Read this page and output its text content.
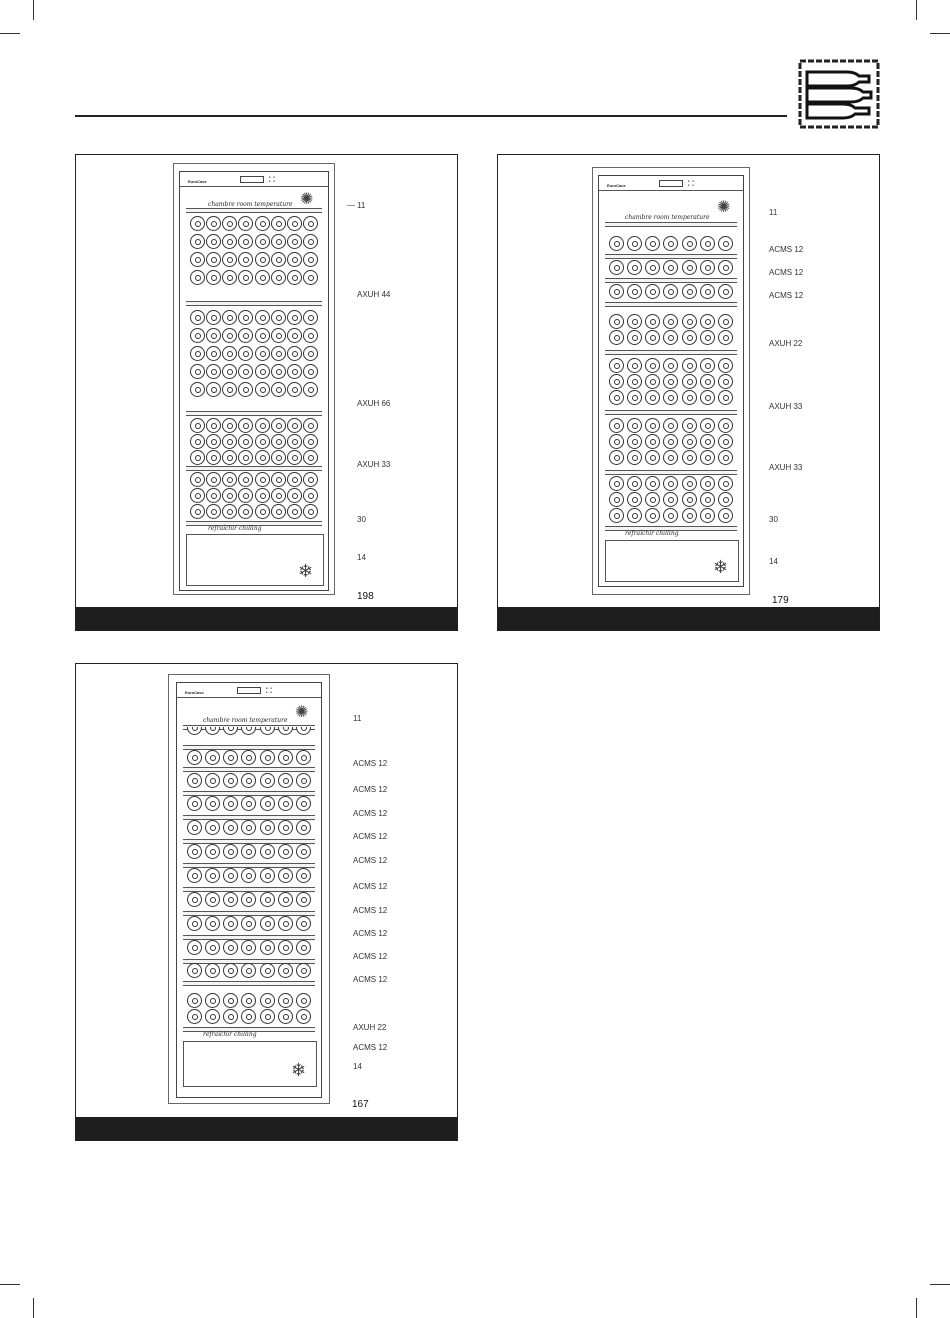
EuroCave
⚬⚬
⚬⚬
chambre room temperature ✺
refraîchir chilling
❄
11
AXUH 44
AXUH 66
AXUH 33
30
14
198
EuroCave
⚬⚬
⚬⚬
chambre room temperature
✺
refraîchir chilling
❄
11
ACMS 12
ACMS 12
ACMS 12
AXUH 22
AXUH 33
AXUH 33
30
14
179
EuroCave
⚬⚬
⚬⚬
chambre room temperature ✺
refraîchir chilling
❄
11
ACMS 12
ACMS 12
ACMS 12
ACMS 12
ACMS 12
ACMS 12
ACMS 12
ACMS 12
ACMS 12
ACMS 12
AXUH 22
ACMS 12
14
167
